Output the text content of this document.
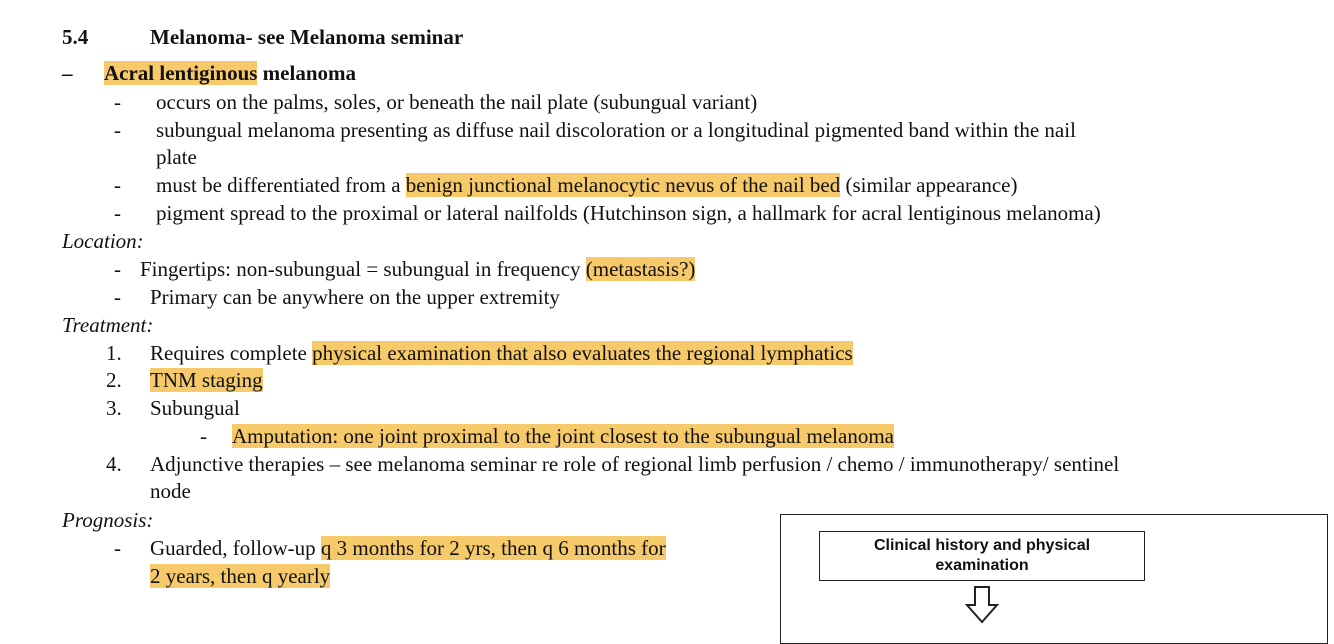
5.4	Melanoma- see Melanoma seminar
– Acral lentiginous melanoma
- occurs on the palms, soles, or beneath the nail plate (subungual variant)
- subungual melanoma presenting as diffuse nail discoloration or a longitudinal pigmented band within the nail
plate
- must be differentiated from a benign junctional melanocytic nevus of the nail bed (similar appearance)
- pigment spread to the proximal or lateral nailfolds (Hutchinson sign, a hallmark for acral lentiginous melanoma)
Location:
- Fingertips: non-subungual = subungual in frequency (metastasis?)
- Primary can be anywhere on the upper extremity
Treatment:
1. Requires complete physical examination that also evaluates the regional lymphatics
2. TNM staging
3. Subungual
- Amputation: one joint proximal to the joint closest to the subungual melanoma
4. Adjunctive therapies – see melanoma seminar re role of regional limb perfusion / chemo / immunotherapy/ sentinel
node
Prognosis:
- Guarded, follow-up q 3 months for 2 yrs, then q 6 months for
2 years, then q yearly
Clinical history and physical
examination
